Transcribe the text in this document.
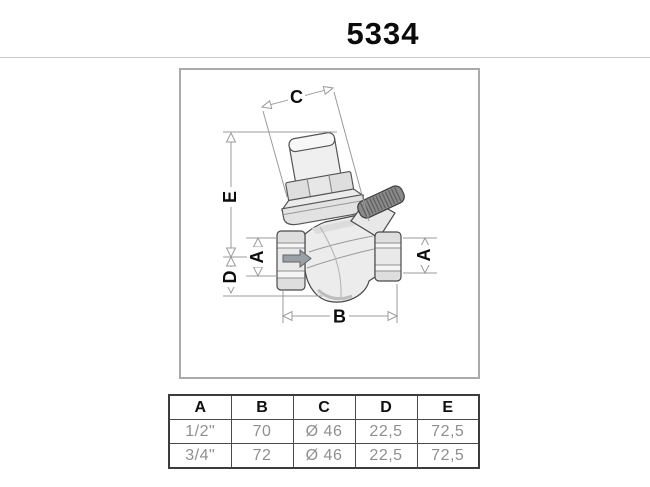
5334
C
B
E
D
A	A
A	B	C	D	E
1/2"	70	Ø 46	22,5	72,5
3/4"	72	Ø 46	22,5	72,5
